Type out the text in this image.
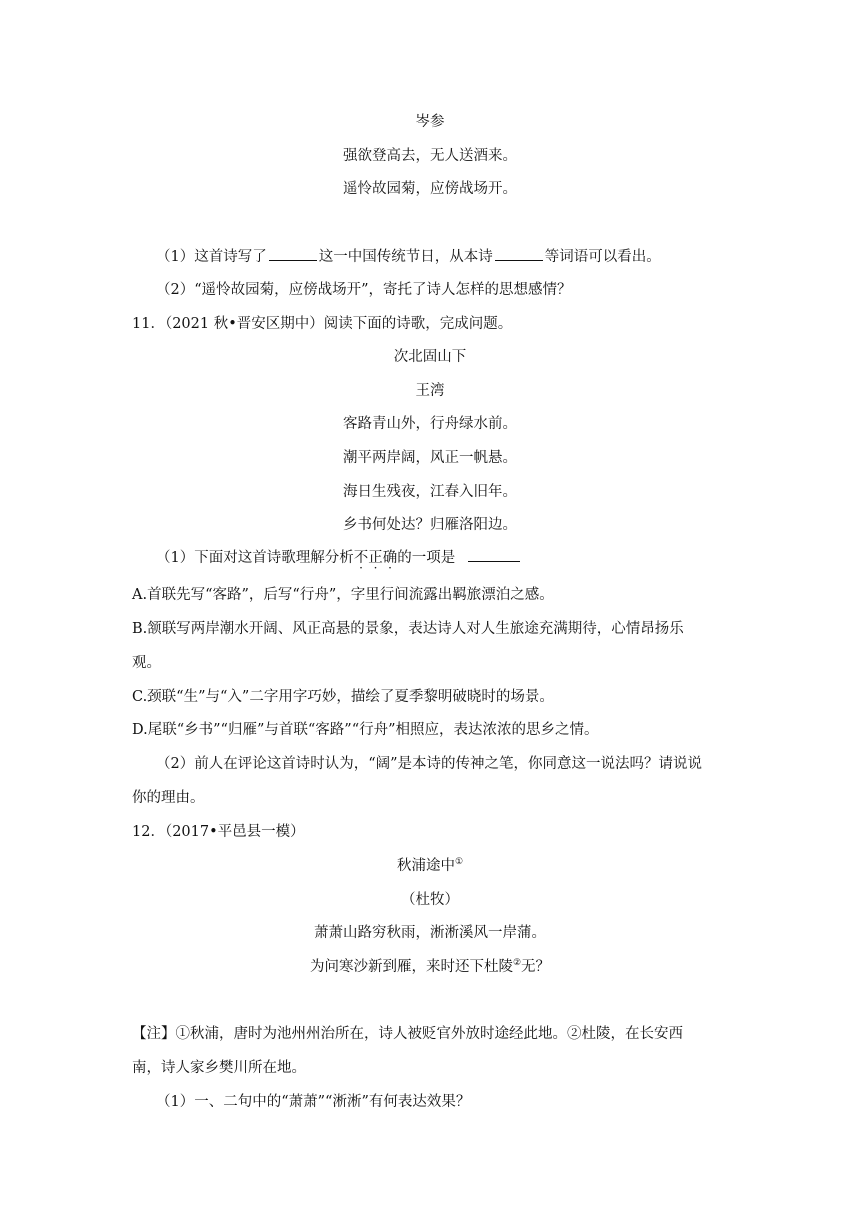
岑参
强欲登高去，无人送酒来。
遥怜故园菊，应傍战场开。
（1）这首诗写了	这一中国传统节日，从本诗	等词语可以看出。
（2）“遥怜故园菊，应傍战场开”，寄托了诗人怎样的思想感情？
11．（2021 秋•晋安区期中）阅读下面的诗歌，完成问题。
次北固山下
王湾
客路青山外，行舟绿水前。
潮平两岸阔，风正一帆悬。
海日生残夜，江春入旧年。
乡书何处达？归雁洛阳边。
（1）下面对这首诗歌理解分析不正确的一项是
A.首联先写“客路”，后写“行舟”，字里行间流露出羁旅漂泊之感。
B.颔联写两岸潮水开阔、风正高悬的景象，表达诗人对人生旅途充满期待，心情昂扬乐
观。
C.颈联“生”与“入”二字用字巧妙，描绘了夏季黎明破晓时的场景。
D.尾联“乡书”“归雁”与首联“客路”“行舟”相照应，表达浓浓的思乡之情。
（2）前人在评论这首诗时认为，“阔”是本诗的传神之笔，你同意这一说法吗？请说说
你的理由。
12．（2017•平邑县一模）
秋浦途中①
（杜牧）
萧萧山路穷秋雨，淅淅溪风一岸蒲。
为问寒沙新到雁，来时还下杜陵②无？
【注】①秋浦，唐时为池州州治所在，诗人被贬官外放时途经此地。②杜陵，在长安西
南，诗人家乡樊川所在地。
（1）一、二句中的“萧萧”“淅淅”有何表达效果？
